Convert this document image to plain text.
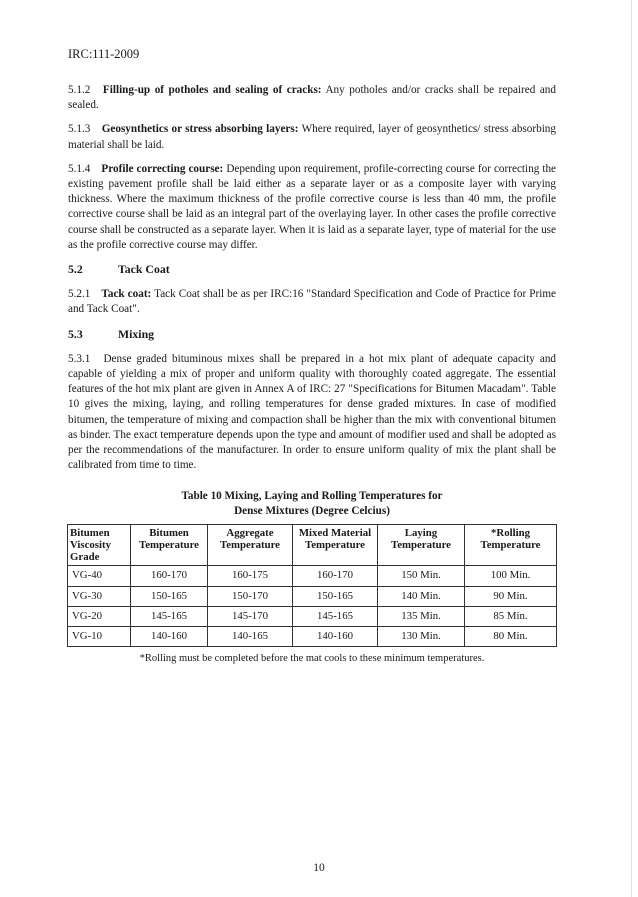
IRC:111-2009

5.1.2 Filling-up of potholes and sealing of cracks: Any potholes and/or cracks shall be repaired and sealed.

5.1.3 Geosynthetics or stress absorbing layers: Where required, layer of geosynthetics/ stress absorbing material shall be laid.

5.1.4 Profile correcting course: Depending upon requirement, profile-correcting course for correcting the existing pavement profile shall be laid either as a separate layer or as a composite layer with varying thickness. Where the maximum thickness of the profile corrective course is less than 40 mm, the profile corrective course shall be laid as an integral part of the overlaying layer. In other cases the profile corrective course shall be constructed as a separate layer. When it is laid as a separate layer, type of material for the use as the profile corrective course may differ.

5.2	Tack Coat

5.2.1 Tack coat: Tack Coat shall be as per IRC:16 "Standard Specification and Code of Practice for Prime and Tack Coat".

5.3	Mixing

5.3.1 Dense graded bituminous mixes shall be prepared in a hot mix plant of adequate capacity and capable of yielding a mix of proper and uniform quality with thoroughly coated aggregate. The essential features of the hot mix plant are given in Annex A of IRC: 27 "Specifications for Bitumen Macadam". Table 10 gives the mixing, laying, and rolling temperatures for dense graded mixtures. In case of modified bitumen, the temperature of mixing and compaction shall be higher than the mix with conventional bitumen as binder. The exact temperature depends upon the type and amount of modifier used and shall be adopted as per the recommendations of the manufacturer. In order to ensure uniform quality of mix the plant shall be calibrated from time to time.

Table 10 Mixing, Laying and Rolling Temperatures for
Dense Mixtures (Degree Celcius)
Bitumen Viscosity Grade	Bitumen Temperature	Aggregate Temperature	Mixed Material Temperature	Laying Temperature	*Rolling Temperature
VG-40	160-170	160-175	160-170	150 Min.	100 Min.
VG-30	150-165	150-170	150-165	140 Min.	90 Min.
VG-20	145-165	145-170	145-165	135 Min.	85 Min.
VG-10	140-160	140-165	140-160	130 Min.	80 Min.
*Rolling must be completed before the mat cools to these minimum temperatures.
10
